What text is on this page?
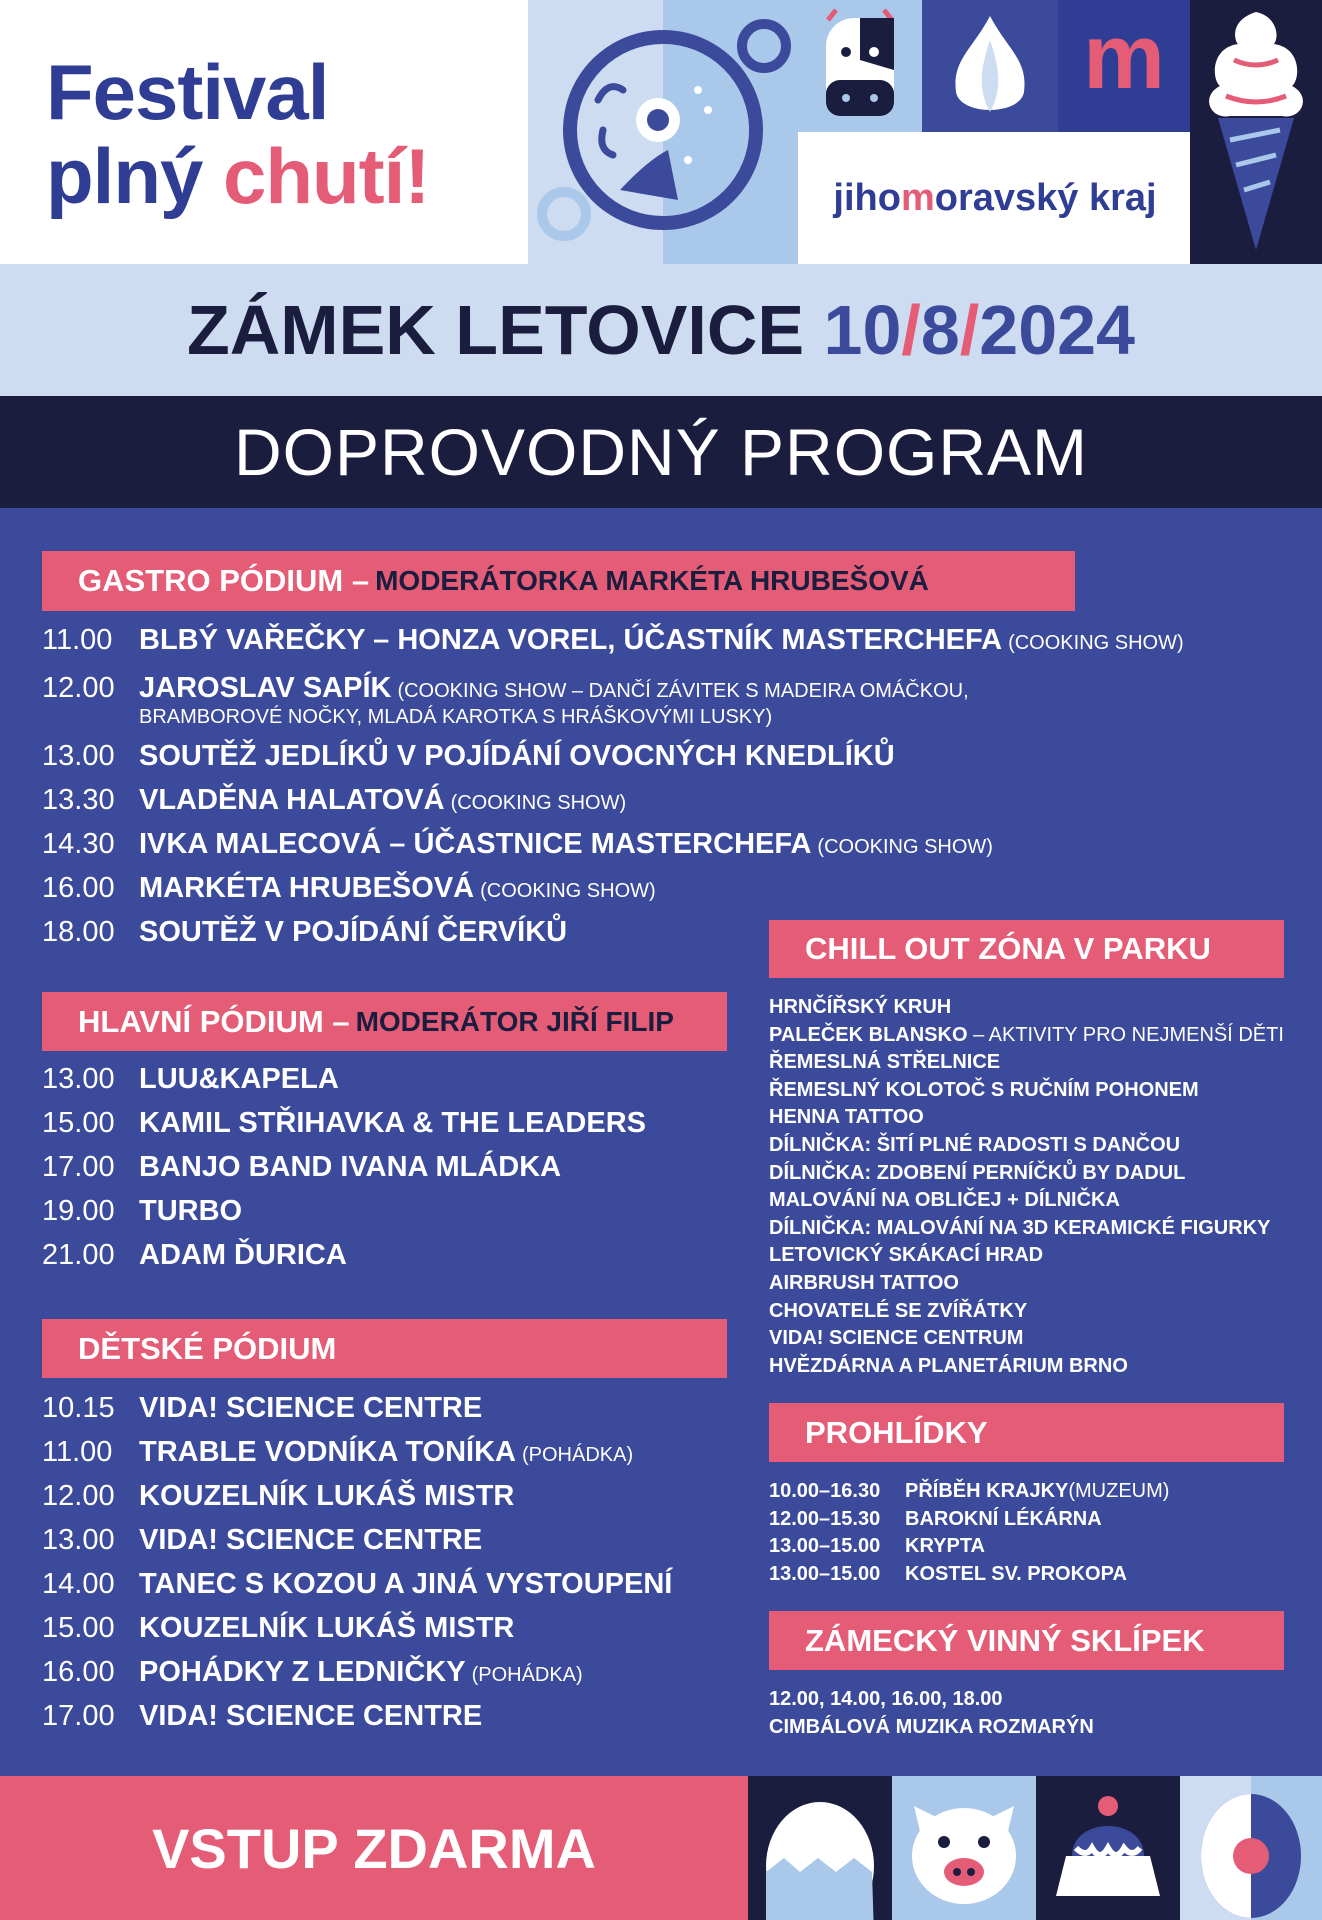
Festival
plný chutí!
m
jiho m oravský kraj
ZÁMEK LETOVICE 10/8/2024
DOPROVODNÝ PROGRAM
GASTRO PÓDIUM – MODERÁTORKA MARKÉTA HRUBEŠOVÁ
11.00 BLBÝ VAŘEČKY – HONZA VOREL, ÚČASTNÍK MASTERCHEFA (COOKING SHOW)
12.00 JAROSLAV SAPÍK (COOKING SHOW – DANČÍ ZÁVITEK S MADEIRA OMÁČKOU,
BRAMBOROVÉ NOČKY, MLADÁ KAROTKA S HRÁŠKOVÝMI LUSKY)
13.00 SOUTĚŽ JEDLÍKŮ V POJÍDÁNÍ OVOCNÝCH KNEDLÍKŮ
13.30 VLADĚNA HALATOVÁ (COOKING SHOW)
14.30 IVKA MALECOVÁ – ÚČASTNICE MASTERCHEFA (COOKING SHOW)
16.00 MARKÉTA HRUBEŠOVÁ (COOKING SHOW)
18.00 SOUTĚŽ V POJÍDÁNÍ ČERVÍKŮ
HLAVNÍ PÓDIUM – MODERÁTOR JIŘÍ FILIP
13.00 LUU&KAPELA
15.00 KAMIL STŘIHAVKA & THE LEADERS
17.00 BANJO BAND IVANA MLÁDKA
19.00 TURBO
21.00 ADAM ĎURICA
DĚTSKÉ PÓDIUM
10.15 VIDA! SCIENCE CENTRE
11.00 TRABLE VODNÍKA TONÍKA (POHÁDKA)
12.00 KOUZELNÍK LUKÁŠ MISTR
13.00 VIDA! SCIENCE CENTRE
14.00 TANEC S KOZOU A JINÁ VYSTOUPENÍ
15.00 KOUZELNÍK LUKÁŠ MISTR
16.00 POHÁDKY Z LEDNIČKY (POHÁDKA)
17.00 VIDA! SCIENCE CENTRE
CHILL OUT ZÓNA V PARKU
HRNČÍŘSKÝ KRUH
PALEČEK BLANSKO – AKTIVITY PRO NEJMENŠÍ DĚTI
ŘEMESLNÁ STŘELNICE
ŘEMESLNÝ KOLOTOČ S RUČNÍM POHONEM
HENNA TATTOO
DÍLNIČKA: ŠITÍ PLNÉ RADOSTI S DANČOU
DÍLNIČKA: ZDOBENÍ PERNÍČKŮ BY DADUL
MALOVÁNÍ NA OBLIČEJ + DÍLNIČKA
DÍLNIČKA: MALOVÁNÍ NA 3D KERAMICKÉ FIGURKY
LETOVICKÝ SKÁKACÍ HRAD
AIRBRUSH TATTOO
CHOVATELÉ SE ZVÍŘÁTKY
VIDA! SCIENCE CENTRUM
HVĚZDÁRNA A PLANETÁRIUM BRNO
PROHLÍDKY
10.00–16.30	PŘÍBĚH KRAJKY (MUZEUM)
12.00–15.30	BAROKNÍ LÉKÁRNA
13.00–15.00	KRYPTA
13.00–15.00	KOSTEL SV. PROKOPA
ZÁMECKÝ VINNÝ SKLÍPEK
12.00, 14.00, 16.00, 18.00
CIMBÁLOVÁ MUZIKA ROZMARÝN
VSTUP ZDARMA
